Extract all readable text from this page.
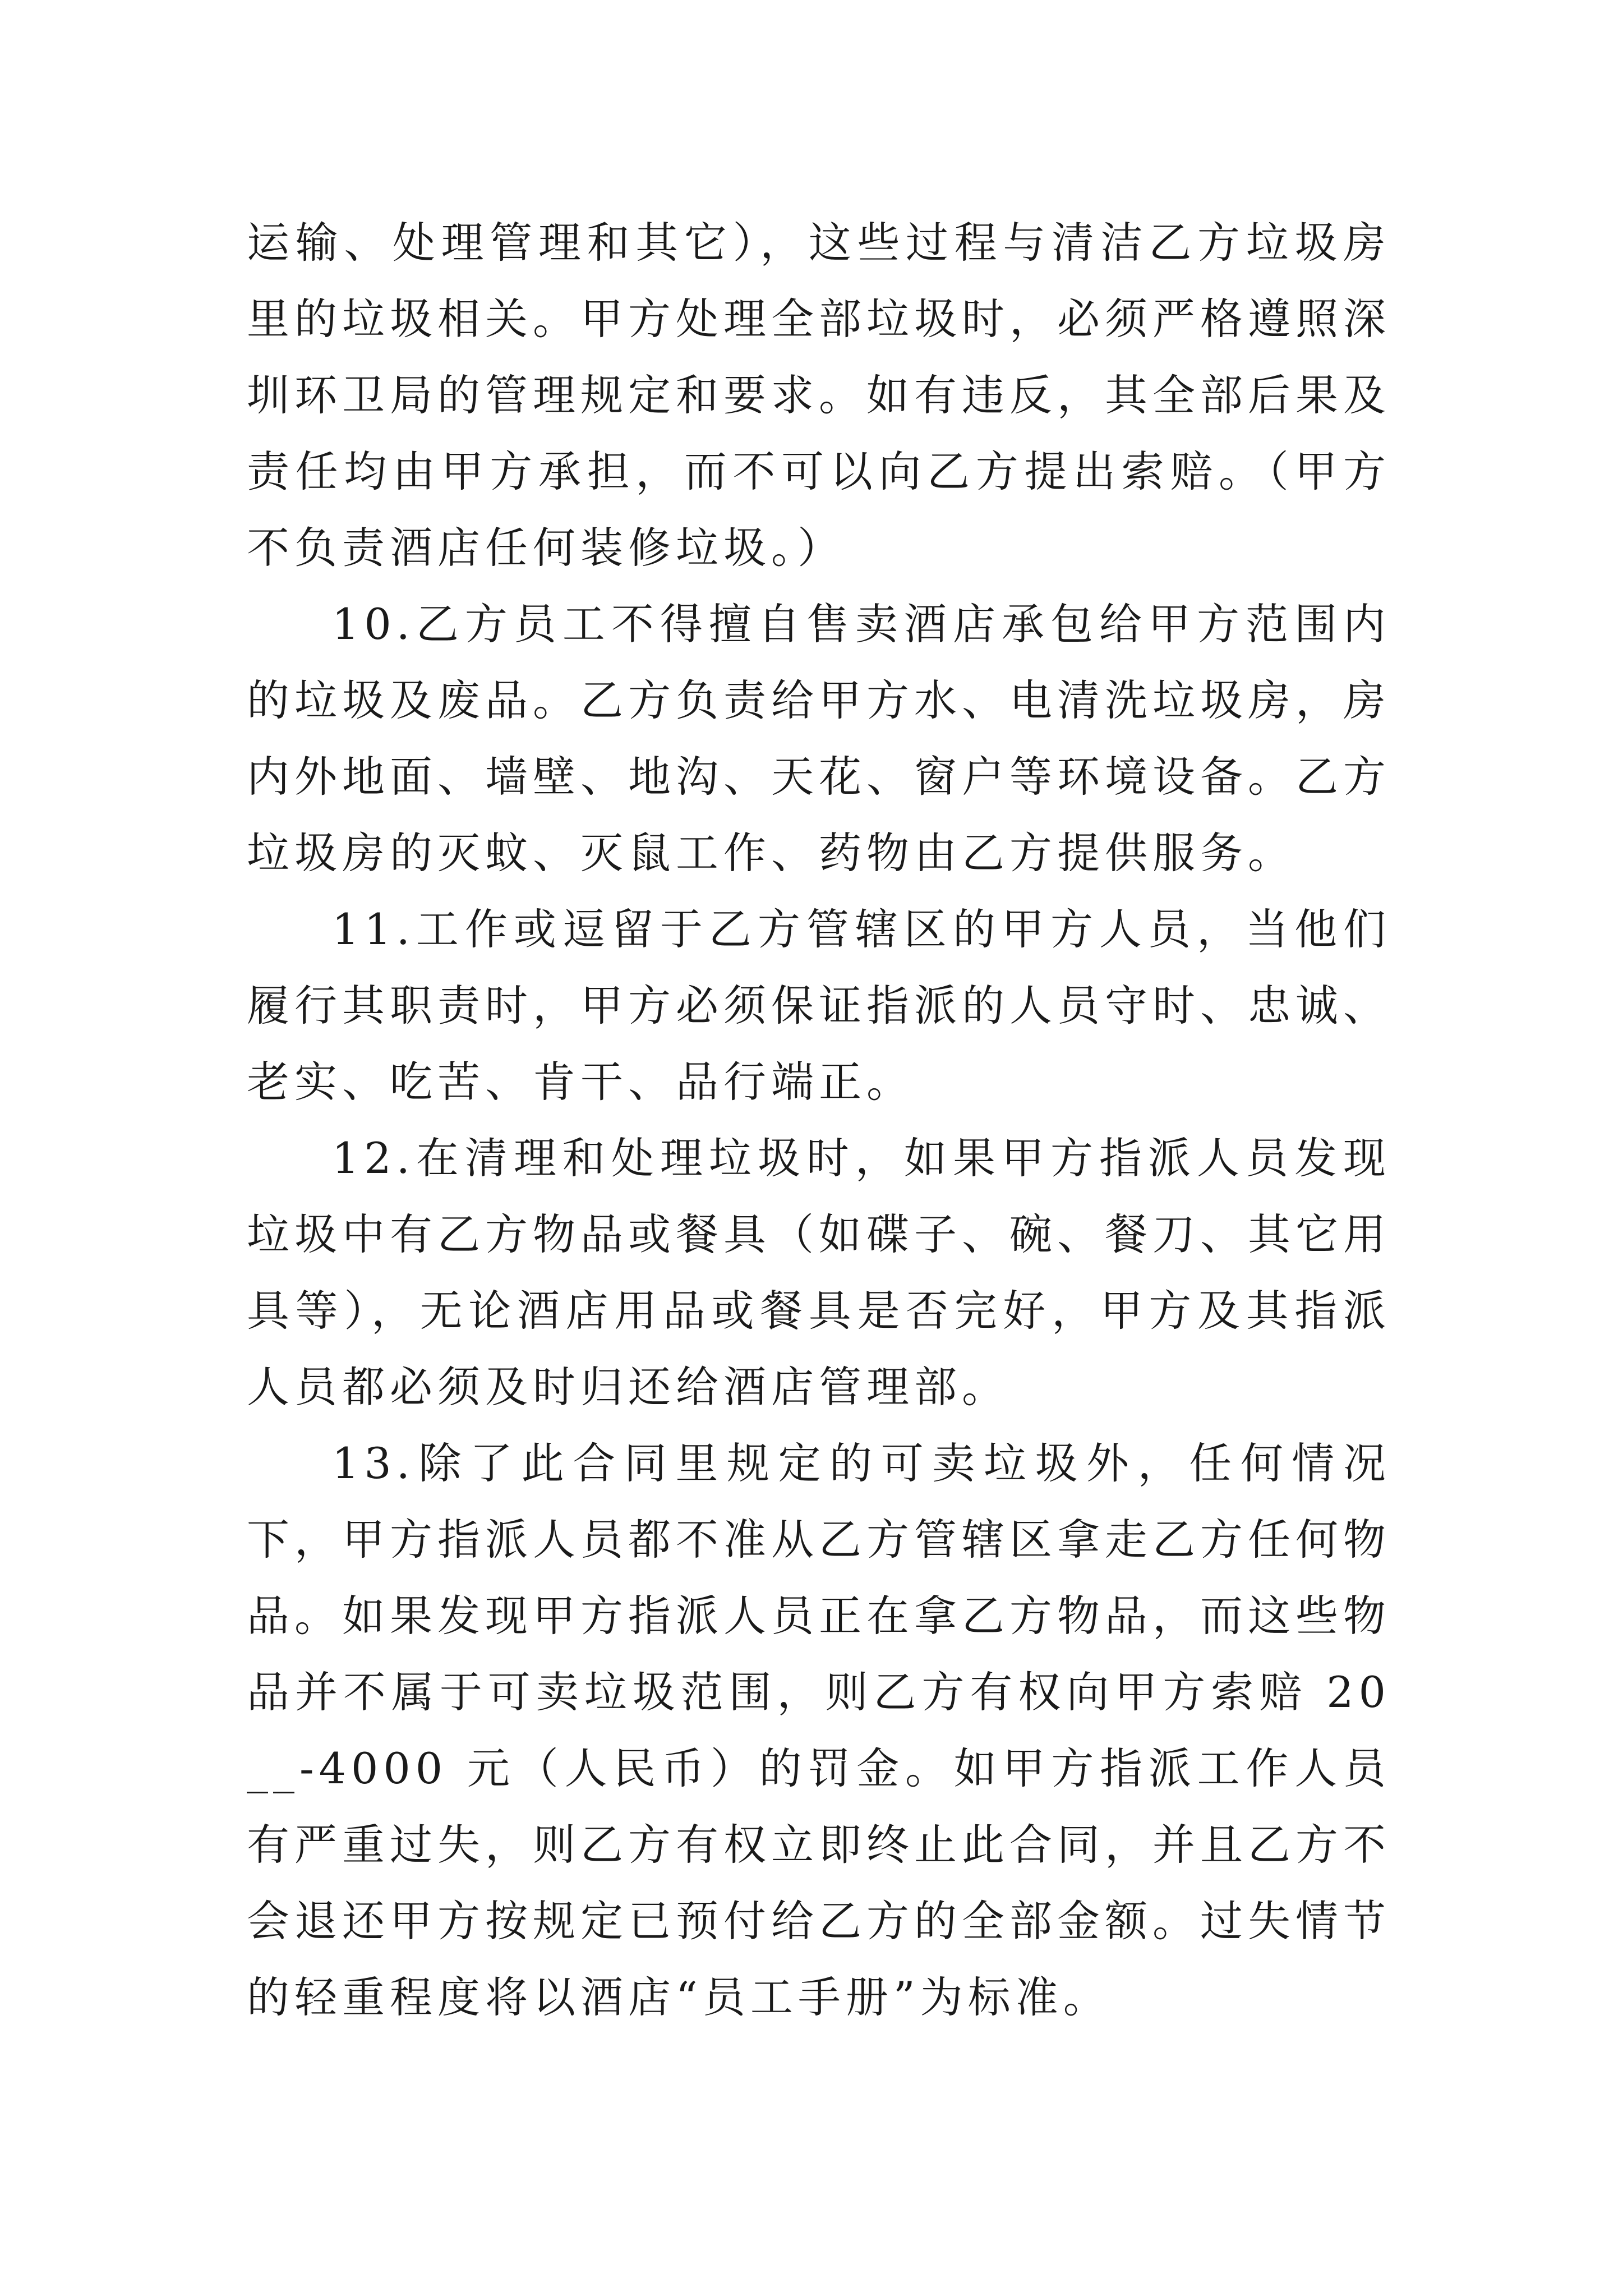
运输、处理管理和其它），这些过程与清洁乙方垃圾房里的垃圾相关。甲方处理全部垃圾时，必须严格遵照深圳环卫局的管理规定和要求。如有违反，其全部后果及责任均由甲方承担，而不可以向乙方提出索赔。（甲方不负责酒店任何装修垃圾。）

10.乙方员工不得擅自售卖酒店承包给甲方范围内的垃圾及废品。乙方负责给甲方水、电清洗垃圾房，房内外地面、墙壁、地沟、天花、窗户等环境设备。乙方垃圾房的灭蚊、灭鼠工作、药物由乙方提供服务。

11.工作或逗留于乙方管辖区的甲方人员，当他们履行其职责时，甲方必须保证指派的人员守时、忠诚、老实、吃苦、肯干、品行端正。

12.在清理和处理垃圾时，如果甲方指派人员发现垃圾中有乙方物品或餐具（如碟子、碗、餐刀、其它用具等），无论酒店用品或餐具是否完好，甲方及其指派人员都必须及时归还给酒店管理部。

13.除了此合同里规定的可卖垃圾外，任何情况下，甲方指派人员都不准从乙方管辖区拿走乙方任何物品。如果发现甲方指派人员正在拿乙方物品，而这些物品并不属于可卖垃圾范围，则乙方有权向甲方索赔 20__-4000 元（人民币）的罚金。如甲方指派工作人员有严重过失，则乙方有权立即终止此合同，并且乙方不会退还甲方按规定已预付给乙方的全部金额。过失情节的轻重程度将以酒店“员工手册”为标准。
